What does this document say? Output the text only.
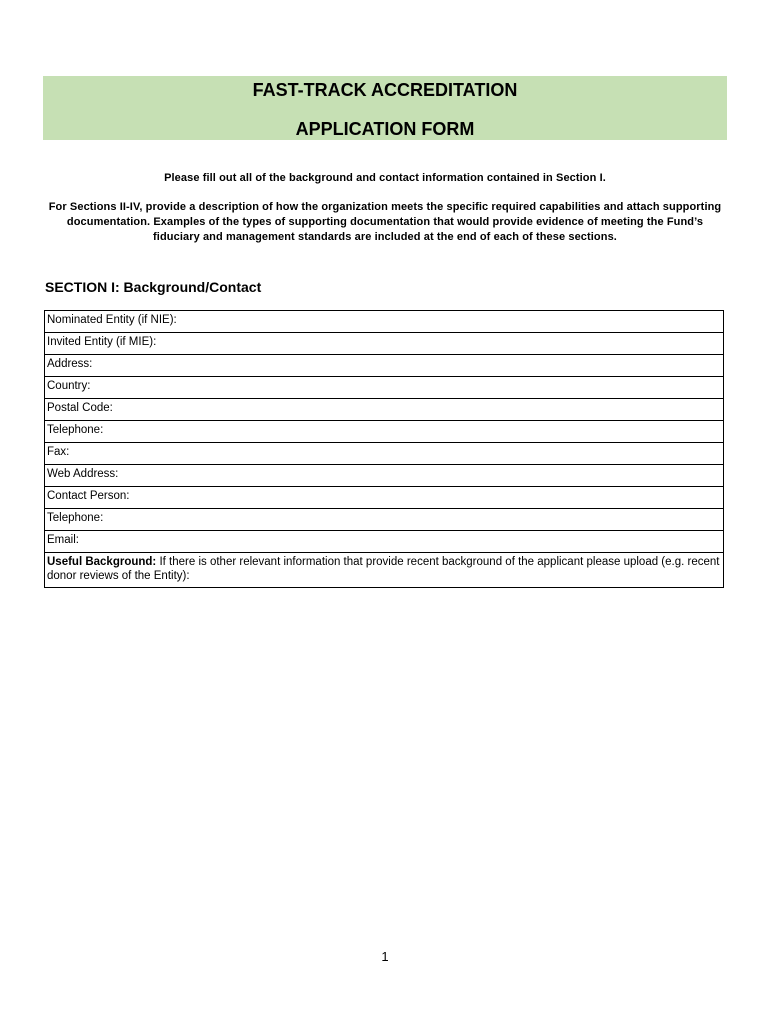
FAST-TRACK ACCREDITATION
APPLICATION FORM
Please fill out all of the background and contact information contained in Section I.
For Sections II-IV, provide a description of how the organization meets the specific required capabilities and attach supporting documentation. Examples of the types of supporting documentation that would provide evidence of meeting the Fund’s fiduciary and management standards are included at the end of each of these sections.
SECTION I: Background/Contact
Nominated Entity (if NIE):
Invited Entity (if MIE):
Address:
Country:
Postal Code:
Telephone:
Fax:
Web Address:
Contact Person:
Telephone:
Email:
Useful Background: If there is other relevant information that provide recent background of the applicant please upload (e.g. recent donor reviews of the Entity):
1
